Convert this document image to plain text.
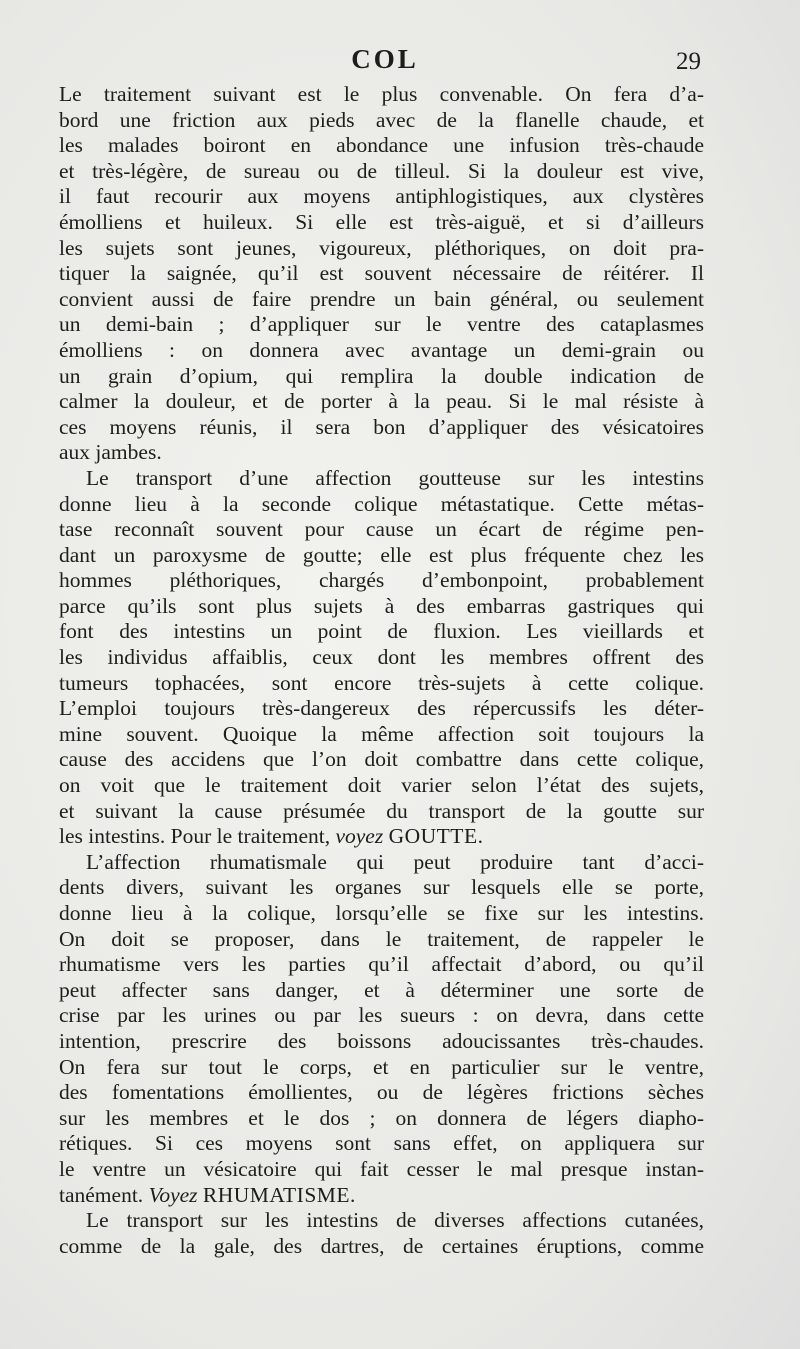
COL	29
Le traitement suivant est le plus convenable. On fera d’a-
bord une friction aux pieds avec de la flanelle chaude, et
les malades boiront en abondance une infusion très-chaude
et très-légère, de sureau ou de tilleul. Si la douleur est vive,
il faut recourir aux moyens antiphlogistiques, aux clystères
émolliens et huileux. Si elle est très-aiguë, et si d’ailleurs
les sujets sont jeunes, vigoureux, pléthoriques, on doit pra-
tiquer la saignée, qu’il est souvent nécessaire de réitérer. Il
convient aussi de faire prendre un bain général, ou seulement
un demi-bain ; d’appliquer sur le ventre des cataplasmes
émolliens : on donnera avec avantage un demi-grain ou
un grain d’opium, qui remplira la double indication de
calmer la douleur, et de porter à la peau. Si le mal résiste à
ces moyens réunis, il sera bon d’appliquer des vésicatoires
aux jambes.
Le transport d’une affection goutteuse sur les intestins
donne lieu à la seconde colique métastatique. Cette métas-
tase reconnaît souvent pour cause un écart de régime pen-
dant un paroxysme de goutte; elle est plus fréquente chez les
hommes pléthoriques, chargés d’embonpoint, probablement
parce qu’ils sont plus sujets à des embarras gastriques qui
font des intestins un point de fluxion. Les vieillards et
les individus affaiblis, ceux dont les membres offrent des
tumeurs tophacées, sont encore très-sujets à cette colique.
L’emploi toujours très-dangereux des répercussifs les déter-
mine souvent. Quoique la même affection soit toujours la
cause des accidens que l’on doit combattre dans cette colique,
on voit que le traitement doit varier selon l’état des sujets,
et suivant la cause présumée du transport de la goutte sur
les intestins. Pour le traitement, voyez GOUTTE.
L’affection rhumatismale qui peut produire tant d’acci-
dents divers, suivant les organes sur lesquels elle se porte,
donne lieu à la colique, lorsqu’elle se fixe sur les intestins.
On doit se proposer, dans le traitement, de rappeler le
rhumatisme vers les parties qu’il affectait d’abord, ou qu’il
peut affecter sans danger, et à déterminer une sorte de
crise par les urines ou par les sueurs : on devra, dans cette
intention, prescrire des boissons adoucissantes très-chaudes.
On fera sur tout le corps, et en particulier sur le ventre,
des fomentations émollientes, ou de légères frictions sèches
sur les membres et le dos ; on donnera de légers diapho-
rétiques. Si ces moyens sont sans effet, on appliquera sur
le ventre un vésicatoire qui fait cesser le mal presque instan-
tanément. Voyez RHUMATISME.
Le transport sur les intestins de diverses affections cutanées,
comme de la gale, des dartres, de certaines éruptions, comme
